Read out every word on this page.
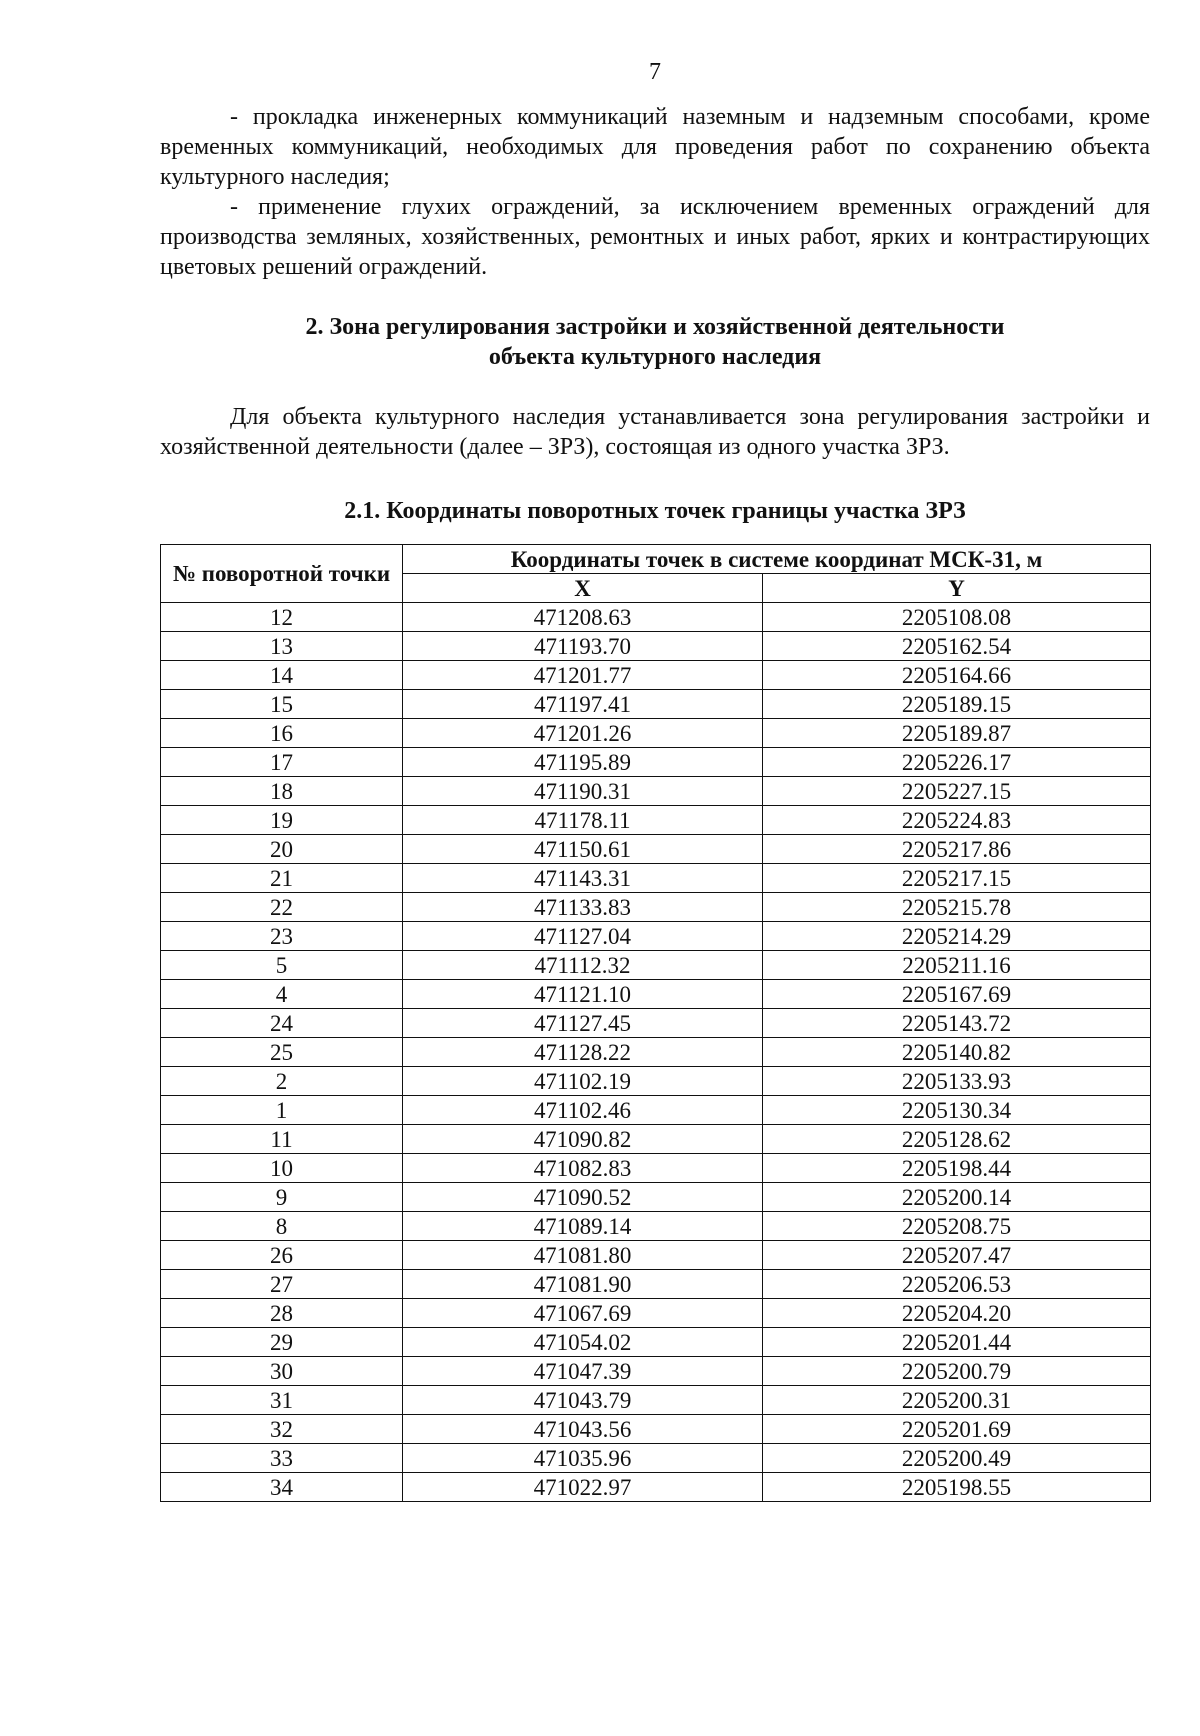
7

- прокладка инженерных коммуникаций наземным и надземным способами, кроме временных коммуникаций, необходимых для проведения работ по сохранению объекта культурного наследия;

- применение глухих ограждений, за исключением временных ограждений для производства земляных, хозяйственных, ремонтных и иных работ, ярких и контрастирующих цветовых решений ограждений.

2. Зона регулирования застройки и хозяйственной деятельности
объекта культурного наследия

Для объекта культурного наследия устанавливается зона регулирования застройки и хозяйственной деятельности (далее – ЗРЗ), состоящая из одного участка ЗРЗ.

2.1. Координаты поворотных точек границы участка ЗРЗ
№ поворотной точки	Координаты точек в системе координат МСК-31, м	
	X	Y
12	471208.63	2205108.08
13	471193.70	2205162.54
14	471201.77	2205164.66
15	471197.41	2205189.15
16	471201.26	2205189.87
17	471195.89	2205226.17
18	471190.31	2205227.15
19	471178.11	2205224.83
20	471150.61	2205217.86
21	471143.31	2205217.15
22	471133.83	2205215.78
23	471127.04	2205214.29
5	471112.32	2205211.16
4	471121.10	2205167.69
24	471127.45	2205143.72
25	471128.22	2205140.82
2	471102.19	2205133.93
1	471102.46	2205130.34
11	471090.82	2205128.62
10	471082.83	2205198.44
9	471090.52	2205200.14
8	471089.14	2205208.75
26	471081.80	2205207.47
27	471081.90	2205206.53
28	471067.69	2205204.20
29	471054.02	2205201.44
30	471047.39	2205200.79
31	471043.79	2205200.31
32	471043.56	2205201.69
33	471035.96	2205200.49
34	471022.97	2205198.55
